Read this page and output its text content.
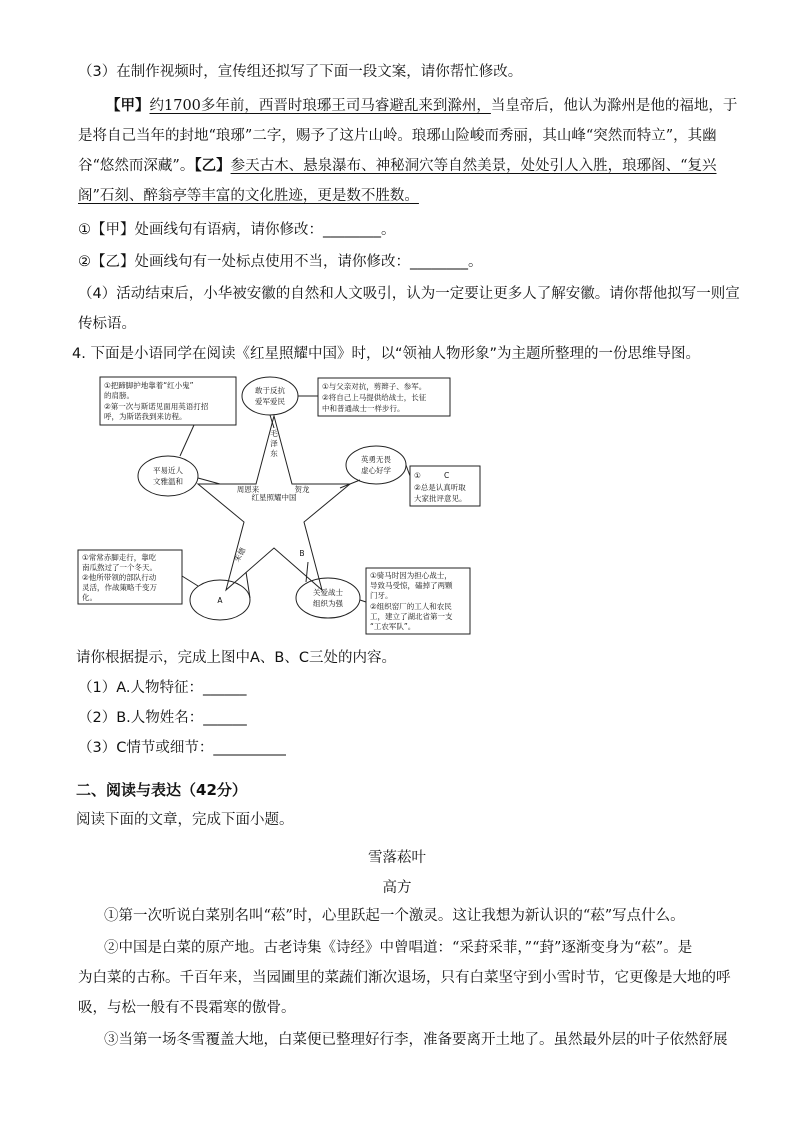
（3）在制作视频时，宣传组还拟写了下面一段文案，请你帮忙修改。
【甲】约1700多年前，西晋时琅琊王司马睿避乱来到滁州，当皇帝后，他认为滁州是他的福地，于
是将自己当年的封地“琅琊”二字，赐予了这片山岭。琅琊山险峻而秀丽，其山峰“突然而特立”，其幽
谷“悠然而深藏”。【乙】参天古木、悬泉瀑布、神秘洞穴等自然美景，处处引人入胜，琅琊阁、“复兴
阁”石刻、醉翁亭等丰富的文化胜迹，更是数不胜数。
①【甲】处画线句有语病，请你修改：________。
②【乙】处画线句有一处标点使用不当，请你修改：________。
（4）活动结束后，小华被安徽的自然和人文吸引，认为一定要让更多人了解安徽。请你帮他拟写一则宣
传标语。
4. 下面是小语同学在阅读《红星照耀中国》时，以“领袖人物形象”为主题所整理的一份思维导图。
①把蹄脚护地靠着“红小鬼”
的肩膀。
②第一次与斯诺见面用英语打招
呼，为斯诺我到来访程。
敢于反抗
爱军爱民
①与父亲对抗，剪辫子、参军。
②将自己上马提供给战士，长征
中和普通战士一样步行。
平易近人
文雅温和
英勇无畏
虚心好学
①	C
②总是认真听取
大家批评意见。
①常常赤脚走行，靠吃
南瓜熬过了一个冬天。
②他所带领的部队行动
灵活，作战策略千变万
化。	A
关爱战士
组织为强
①骑马时因为担心战士，
导致马受惊，磕掉了两颗
门牙。
②组织窑厂的工人和农民
工，建立了湖北省第一支
“工农军队”。
红星照耀中国
周恩来	贺龙
朱德	B
毛泽东
请你根据提示，完成上图中A、B、C三处的内容。
（1）A.人物特征：______
（2）B.人物姓名：______
（3）C情节或细节：__________
二、阅读与表达（42分）
阅读下面的文章，完成下面小题。
雪落菘叶
高方
①第一次听说白菜别名叫“菘”时，心里跃起一个激灵。这让我想为新认识的“菘”写点什么。
②中国是白菜的原产地。古老诗集《诗经》中曾唱道：“采葑采菲，”“葑”逐渐变身为“菘”。是
为白菜的古称。千百年来，当园圃里的菜蔬们渐次退场，只有白菜坚守到小雪时节，它更像是大地的呼
吸，与松一般有不畏霜寒的傲骨。
③当第一场冬雪覆盖大地，白菜便已整理好行李，准备要离开土地了。虽然最外层的叶子依然舒展
